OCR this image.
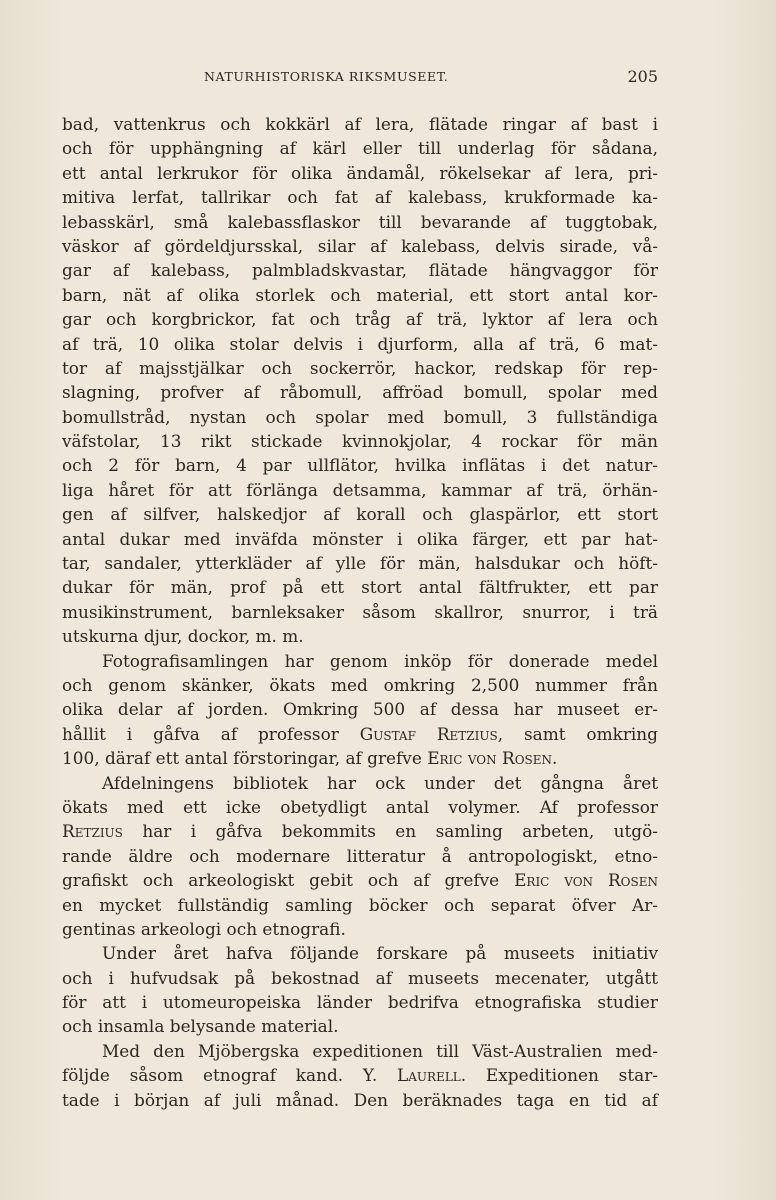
NATURHISTORISKA RIKSMUSEET.	205
bad, vattenkrus och kokkärl af lera, flätade ringar af bast i
och för upphängning af kärl eller till underlag för sådana,
ett antal lerkrukor för olika ändamål, rökelsekar af lera, pri-
mitiva lerfat, tallrikar och fat af kalebass, krukformade ka-
lebasskärl, små kalebassflaskor till bevarande af tuggtobak,
väskor af gördeldjursskal, silar af kalebass, delvis sirade, vå-
gar af kalebass, palmbladskvastar, flätade hängvaggor för
barn, nät af olika storlek och material, ett stort antal kor-
gar och korgbrickor, fat och tråg af trä, lyktor af lera och
af trä, 10 olika stolar delvis i djurform, alla af trä, 6 mat-
tor af majsstjälkar och sockerrör, hackor, redskap för rep-
slagning, profver af råbomull, affröad bomull, spolar med
bomullstråd, nystan och spolar med bomull, 3 fullständiga
väfstolar, 13 rikt stickade kvinnokjolar, 4 rockar för män
och 2 för barn, 4 par ullflätor, hvilka inflätas i det natur-
liga håret för att förlänga detsamma, kammar af trä, örhän-
gen af silfver, halskedjor af korall och glaspärlor, ett stort
antal dukar med inväfda mönster i olika färger, ett par hat-
tar, sandaler, ytterkläder af ylle för män, halsdukar och höft-
dukar för män, prof på ett stort antal fältfrukter, ett par
musikinstrument, barnleksaker såsom skallror, snurror, i trä
utskurna djur, dockor, m. m.
Fotografisamlingen har genom inköp för donerade medel
och genom skänker, ökats med omkring 2,500 nummer från
olika delar af jorden. Omkring 500 af dessa har museet er-
hållit i gåfva af professor Gustaf Retzius, samt omkring
100, däraf ett antal förstoringar, af grefve Eric von Rosen.
Afdelningens bibliotek har ock under det gångna året
ökats med ett icke obetydligt antal volymer. Af professor
Retzius har i gåfva bekommits en samling arbeten, utgö-
rande äldre och modernare litteratur å antropologiskt, etno-
grafiskt och arkeologiskt gebit och af grefve Eric von Rosen
en mycket fullständig samling böcker och separat öfver Ar-
gentinas arkeologi och etnografi.
Under året hafva följande forskare på museets initiativ
och i hufvudsak på bekostnad af museets mecenater, utgått
för att i utomeuropeiska länder bedrifva etnografiska studier
och insamla belysande material.
Med den Mjöbergska expeditionen till Väst-Australien med-
följde såsom etnograf kand. Y. Laurell. Expeditionen star-
tade i början af juli månad. Den beräknades taga en tid af
